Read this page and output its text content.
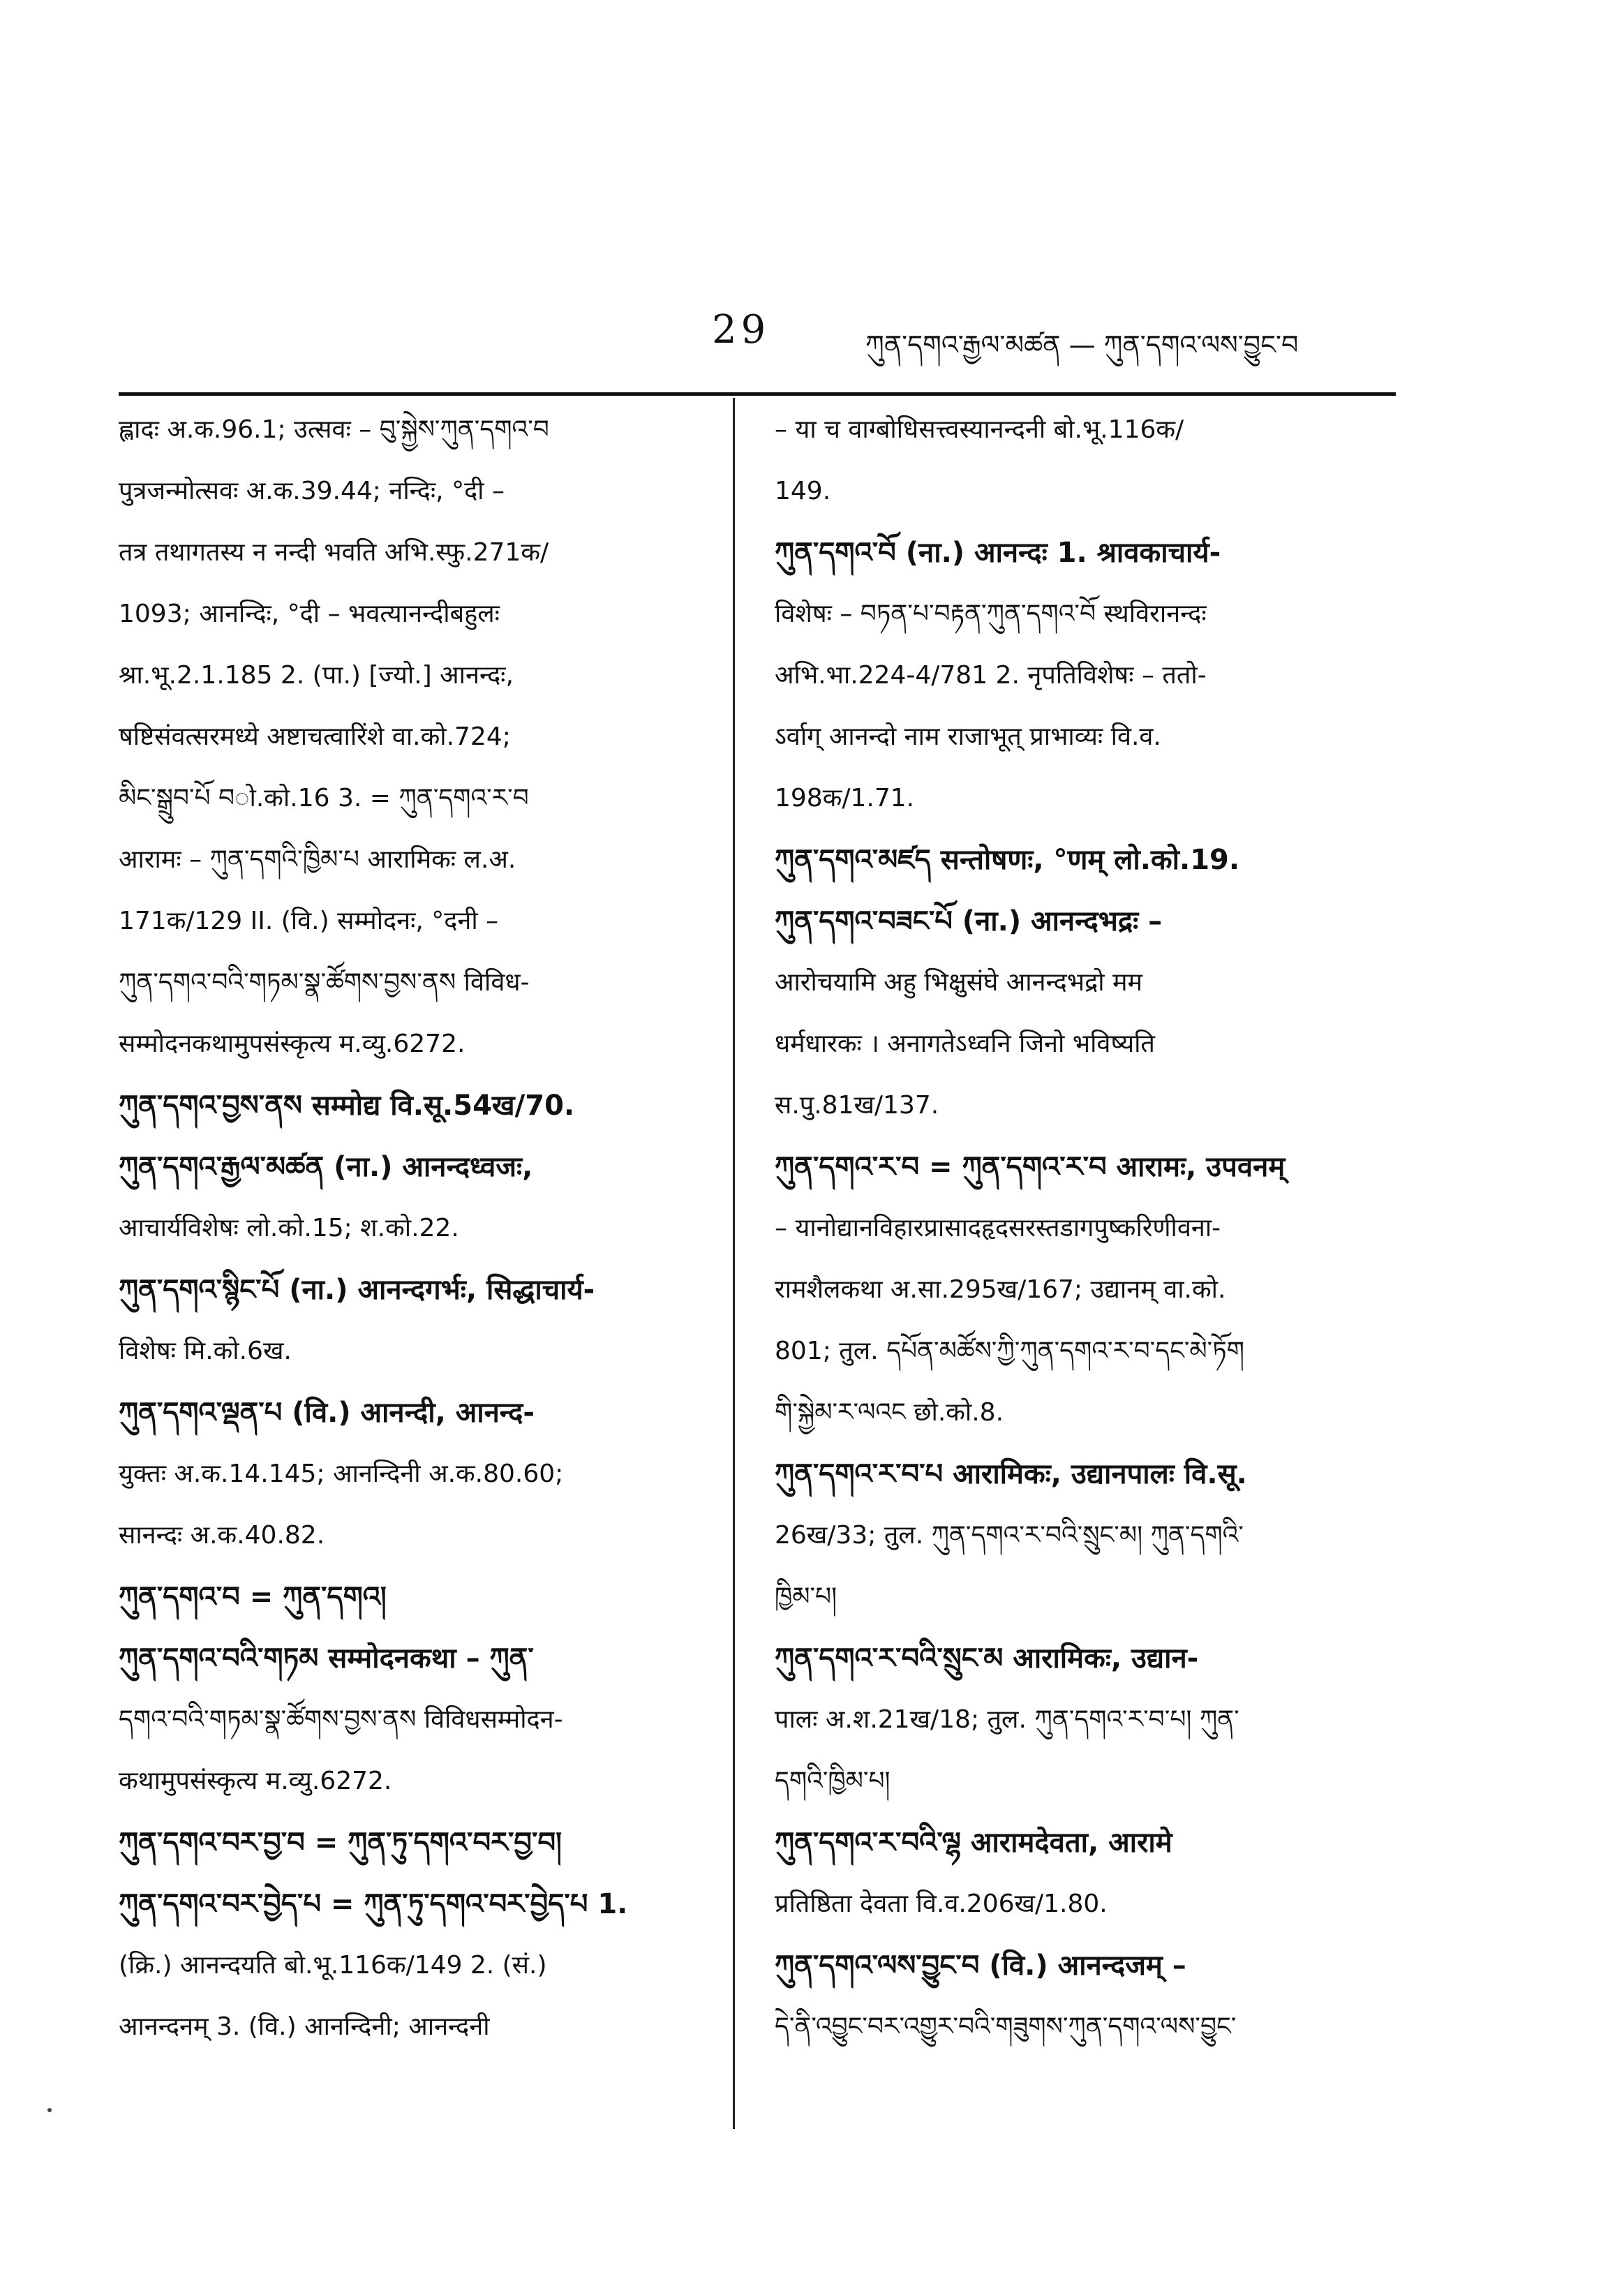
29	ཀུན་དགའ་རྒྱལ་མཚན — ཀུན་དགའ་ལས་བྱུང་བ
ह्लादः अ.क.96.1; उत्सवः – བུ་སྐྱེས་ཀུན་དགའ་བ
पुत्रजन्मोत्सवः अ.क.39.44; नन्दिः, °दी –
तत्र तथागतस्य न नन्दी भवति अभि.स्फु.271क/
1093; आनन्दिः, °दी – भवत्यानन्दीबहुलः
श्रा.भू.2.1.185 2. (पा.) [ज्यो.] आनन्दः,
षष्टिसंवत्सरमध्ये अष्टाचत्वारिंशे वा.को.724;
མིང་སྒྲུབ་པོ བो.को.16 3. = ཀུན་དགའ་ར་བ
आरामः – ཀུན་དགའི་ཁྱིམ་པ आरामिकः ल.अ.
171क/129 II. (वि.) सम्मोदनः, °दनी –
ཀུན་དགའ་བའི་གཏམ་སྣ་ཚོགས་བྱས་ནས विविध-
सम्मोदनकथामुपसंस्कृत्य म.व्यु.6272.
ཀུན་དགའ་བྱས་ནས सम्मोद्य वि.सू.54ख/70.
ཀུན་དགའ་རྒྱལ་མཚན (ना.) आनन्दध्वजः,
आचार्यविशेषः लो.को.15; श.को.22.
ཀུན་དགའ་སྙིང་པོ (ना.) आनन्दगर्भः, सिद्धाचार्य-
विशेषः मि.को.6ख.
ཀུན་དགའ་ལྡན་པ (वि.) आनन्दी, आनन्द-
युक्तः अ.क.14.145; आनन्दिनी अ.क.80.60;
सानन्दः अ.क.40.82.
ཀུན་དགའ་བ = ཀུན་དགའ།
ཀུན་དགའ་བའི་གཏམ सम्मोदनकथा – ཀུན་
དགའ་བའི་གཏམ་སྣ་ཚོགས་བྱས་ནས विविधसम्मोदन-
कथामुपसंस्कृत्य म.व्यु.6272.
ཀུན་དགའ་བར་བྱ་བ = ཀུན་ཏུ་དགའ་བར་བྱ་བ།
ཀུན་དགའ་བར་བྱེད་པ = ཀུན་ཏུ་དགའ་བར་བྱེད་པ 1.
(क्रि.) आनन्दयति बो.भू.116क/149 2. (सं.)
आनन्दनम् 3. (वि.) आनन्दिनी; आनन्दनी
– या च वाग्बोधिसत्त्वस्यानन्दनी बो.भू.116क/
149.
ཀུན་དགའ་བོ (ना.) आनन्दः 1. श्रावकाचार्य-
विशेषः – བཏན་པ་བརྟན་ཀུན་དགའ་བོ स्थविरानन्दः
अभि.भा.224-4/781 2. नृपतिविशेषः – ततो-
ऽर्वाग् आनन्दो नाम राजाभूत् प्राभाव्यः वि.व.
198क/1.71.
ཀུན་དགའ་མཛད सन्तोषणः, °णम् लो.को.19.
ཀུན་དགའ་བཟང་པོ (ना.) आनन्दभद्रः –
आरोचयामि अहु भिक्षुसंघे आनन्दभद्रो मम
धर्मधारकः । अनागतेऽध्वनि जिनो भविष्यति
स.पु.81ख/137.
ཀུན་དགའ་ར་བ = ཀུན་དགའ་ར་བ आरामः, उपवनम्
– यानोद्यानविहारप्रासादहृदसरस्तडागपुष्करिणीवना-
रामशैलकथा अ.सा.295ख/167; उद्यानम् वा.को.
801; तुल. དཔོན་མཚོས་ཀྱི་ཀུན་དགའ་ར་བ་དང་མེ་ཏོག
གི་སྐྱེམ་ར་ལའང छो.को.8.
ཀུན་དགའ་ར་བ་པ आरामिकः, उद्यानपालः वि.सू.
26ख/33; तुल. ཀུན་དགའ་ར་བའི་སྲུང་མ། ཀུན་དགའི་
ཁྱིམ་པ།
ཀུན་དགའ་ར་བའི་སྲུང་མ आरामिकः, उद्यान-
पालः अ.श.21ख/18; तुल. ཀུན་དགའ་ར་བ་པ། ཀུན་
དགའི་ཁྱིམ་པ།
ཀུན་དགའ་ར་བའི་ལྷ आरामदेवता, आरामे
प्रतिष्ठिता देवता वि.व.206ख/1.80.
ཀུན་དགའ་ལས་བྱུང་བ (वि.) आनन्दजम् –
དེ་ནི་འབྱུང་བར་འགྱུར་བའི་གཟུགས་ཀུན་དགའ་ལས་བྱུང་
